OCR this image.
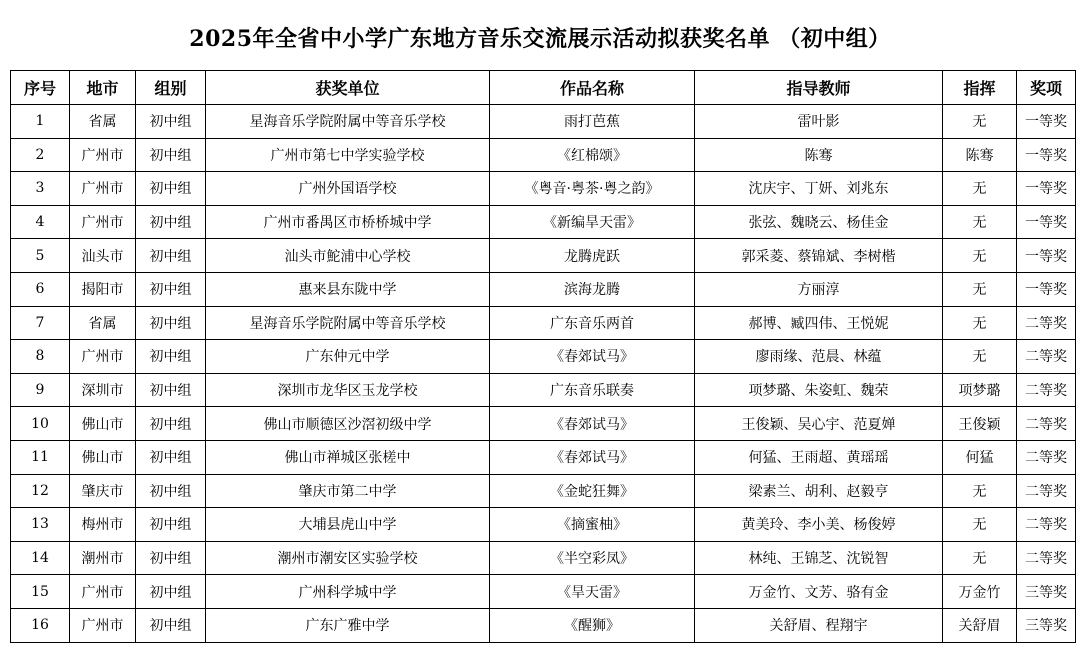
2025年全省中小学广东地方音乐交流展示活动拟获奖名单 （初中组）
序号	地市	组别	获奖单位	作品名称	指导教师	指挥	奖项
1	省属	初中组	星海音乐学院附属中等音乐学校	雨打芭蕉	雷叶影	无	一等奖
2	广州市	初中组	广州市第七中学实验学校	《红棉颂》	陈骞	陈骞	一等奖
3	广州市	初中组	广州外国语学校	《粤音·粤茶·粤之韵》	沈庆宇、丁妍、刘兆东	无	一等奖
4	广州市	初中组	广州市番禺区市桥桥城中学	《新编旱天雷》	张弦、魏晓云、杨佳金	无	一等奖
5	汕头市	初中组	汕头市鮀浦中心学校	龙腾虎跃	郭采菱、蔡锦斌、李树楷	无	一等奖
6	揭阳市	初中组	惠来县东陇中学	滨海龙腾	方丽淳	无	一等奖
7	省属	初中组	星海音乐学院附属中等音乐学校	广东音乐两首	郝博、臧四伟、王悦妮	无	二等奖
8	广州市	初中组	广东仲元中学	《春郊试马》	廖雨缘、范晨、林蕴	无	二等奖
9	深圳市	初中组	深圳市龙华区玉龙学校	广东音乐联奏	项梦璐、朱姿虹、魏荣	项梦璐	二等奖
10	佛山市	初中组	佛山市顺德区沙滘初级中学	《春郊试马》	王俊颖、吴心宇、范夏婵	王俊颖	二等奖
11	佛山市	初中组	佛山市禅城区张槎中	《春郊试马》	何猛、王雨超、黄瑶瑶	何猛	二等奖
12	肇庆市	初中组	肇庆市第二中学	《金蛇狂舞》	梁素兰、胡利、赵毅亨	无	二等奖
13	梅州市	初中组	大埔县虎山中学	《摘蜜柚》	黄美玲、李小美、杨俊婷	无	二等奖
14	潮州市	初中组	潮州市潮安区实验学校	《半空彩凤》	林纯、王锦芝、沈锐智	无	二等奖
15	广州市	初中组	广州科学城中学	《旱天雷》	万金竹、文芳、骆有金	万金竹	三等奖
16	广州市	初中组	广东广雅中学	《醒狮》	关舒眉、程翔宇	关舒眉	三等奖
